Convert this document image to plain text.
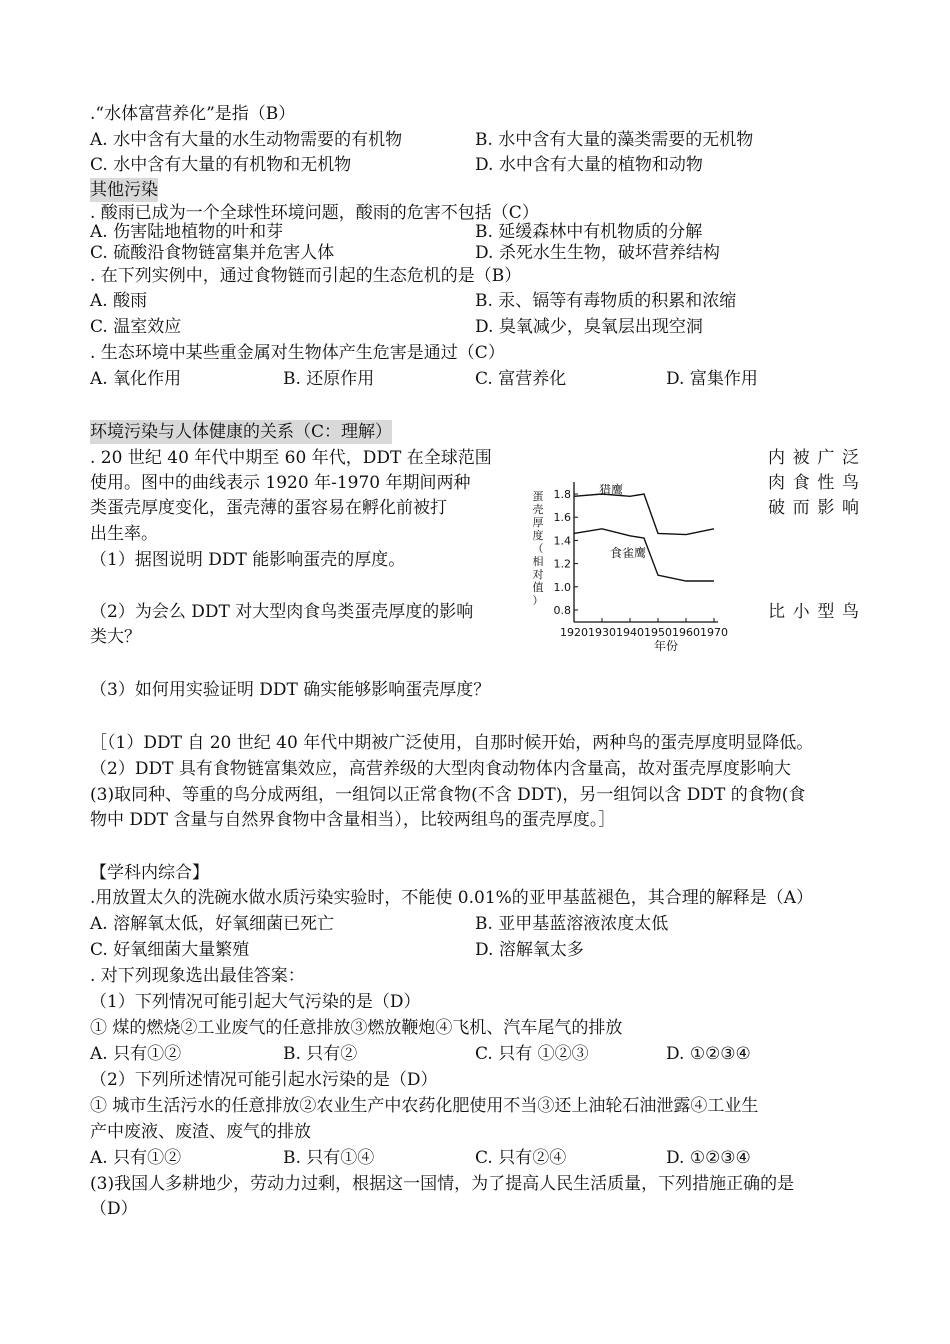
.“水体富营养化”是指（B）
A. 水中含有大量的水生动物需要的有机物	B. 水中含有大量的藻类需要的无机物
C. 水中含有大量的有机物和无机物	D. 水中含有大量的植物和动物
其他污染
. 酸雨已成为一个全球性环境问题，酸雨的危害不包括（C）
A. 伤害陆地植物的叶和芽	B. 延缓森林中有机物质的分解
C. 硫酸沿食物链富集并危害人体	D. 杀死水生生物，破坏营养结构
. 在下列实例中，通过食物链而引起的生态危机的是（B）
A. 酸雨	B. 汞、镉等有毒物质的积累和浓缩
C. 温室效应	D. 臭氧减少，臭氧层出现空洞
. 生态环境中某些重金属对生物体产生危害是通过（C）
A. 氧化作用	B. 还原作用	C. 富营养化	D. 富集作用
环境污染与人体健康的关系（C：理解）
. 20 世纪 40 年代中期至 60 年代，DDT 在全球范围	内 被 广 泛
使用。图中的曲线表示 1920 年-1970 年期间两种	肉 食 性 鸟
类蛋壳厚度变化，蛋壳薄的蛋容易在孵化前被打	破 而 影 响
出生率。
（1）据图说明 DDT 能影响蛋壳的厚度。
（2）为会么 DDT 对大型肉食鸟类蛋壳厚度的影响	比 小 型 鸟
类大？
（3）如何用实验证明 DDT 确实能够影响蛋壳厚度？
蛋
壳
厚
度
（
相
对
值
）
0.8
1.0
1.2
1.4
1.6
1.8
1920 1930 1940 1950 1960 1970
猎鹰
食雀鹰
年份
［（1）DDT 自 20 世纪 40 年代中期被广泛使用，自那时候开始，两种鸟的蛋壳厚度明显降低。
（2）DDT 具有食物链富集效应，高营养级的大型肉食动物体内含量高，故对蛋壳厚度影响大
(3)取同种、等重的鸟分成两组，一组饲以正常食物(不含 DDT)，另一组饲以含 DDT 的食物(食
物中 DDT 含量与自然界食物中含量相当），比较两组鸟的蛋壳厚度。］
【学科内综合】
.用放置太久的洗碗水做水质污染实验时，不能使 0.01%的亚甲基蓝褪色，其合理的解释是（A）
A. 溶解氧太低，好氧细菌已死亡	B. 亚甲基蓝溶液浓度太低
C. 好氧细菌大量繁殖	D. 溶解氧太多
. 对下列现象选出最佳答案：
（1）下列情况可能引起大气污染的是（D）
① 煤的燃烧②工业废气的任意排放③燃放鞭炮④飞机、汽车尾气的排放
A. 只有①②	B. 只有②	C. 只有 ①②③	D. ①②③④
（2）下列所述情况可能引起水污染的是（D）
① 城市生活污水的任意排放②农业生产中农药化肥使用不当③还上油轮石油泄露④工业生
产中废液、废渣、废气的排放
A. 只有①②	B. 只有①④	C. 只有②④	D. ①②③④
(3)我国人多耕地少，劳动力过剩，根据这一国情，为了提高人民生活质量，下列措施正确的是
（D）
